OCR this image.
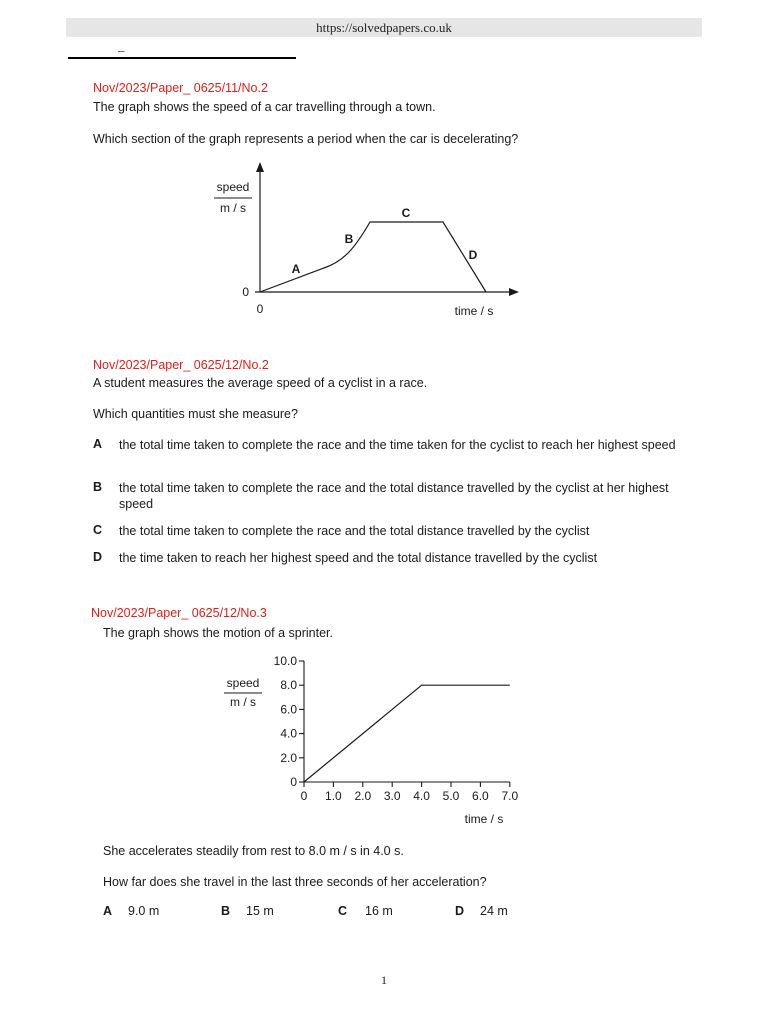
https://solvedpapers.co.uk
_
Nov/2023/Paper_ 0625/11/No.2
The graph shows the speed of a car travelling through a town.
Which section of the graph represents a period when the car is decelerating?
speed
m / s
0
0	time / s
A
B
C
D
Nov/2023/Paper_ 0625/12/No.2
A student measures the average speed of a cyclist in a race.
Which quantities must she measure?
A the total time taken to complete the race and the time taken for the cyclist to reach her highest speed
B the total time taken to complete the race and the total distance travelled by the cyclist at her highest speed
C the total time taken to complete the race and the total distance travelled by the cyclist
D the time taken to reach her highest speed and the total distance travelled by the cyclist
Nov/2023/Paper_ 0625/12/No.3
The graph shows the motion of a sprinter.
speed
m / s
0
2.0
4.0
6.0
8.0
10.0
0 1.0 2.0 3.0 4.0 5.0 6.0 7.0
time / s
She accelerates steadily from rest to 8.0 m / s in 4.0 s.
How far does she travel in the last three seconds of her acceleration?
A 9.0 m	B 15 m	C 16 m	D 24 m
1
